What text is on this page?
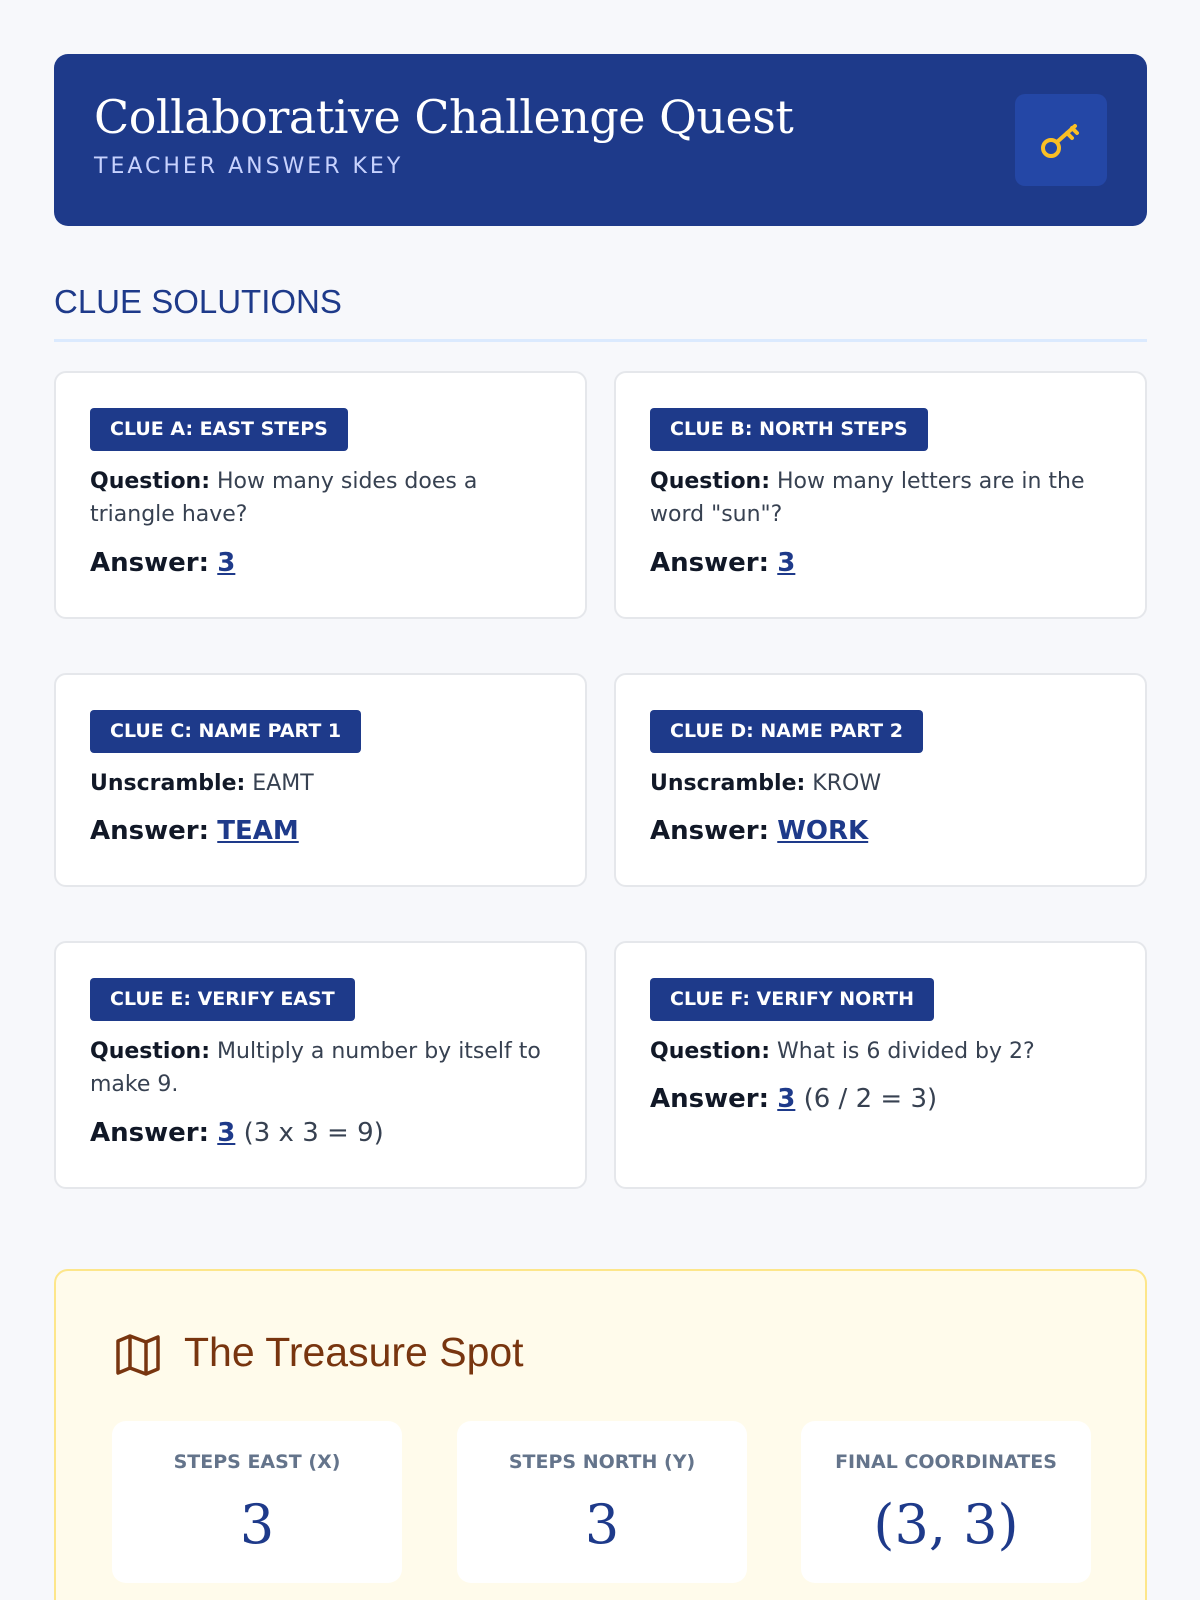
Collaborative Challenge Quest
TEACHER ANSWER KEY
CLUE SOLUTIONS
CLUE A: EAST STEPS
Question: How many sides does a triangle have?
Answer: 3
CLUE B: NORTH STEPS
Question: How many letters are in the word "sun"?
Answer: 3
CLUE C: NAME PART 1
Unscramble: EAMT
Answer: TEAM
CLUE D: NAME PART 2
Unscramble: KROW
Answer: WORK
CLUE E: VERIFY EAST
Question: Multiply a number by itself to make 9.
Answer: 3 (3 x 3 = 9)
CLUE F: VERIFY NORTH
Question: What is 6 divided by 2?
Answer: 3 (6 / 2 = 3)
The Treasure Spot
STEPS EAST (X)
3
STEPS NORTH (Y)
3
FINAL COORDINATES
(3, 3)
